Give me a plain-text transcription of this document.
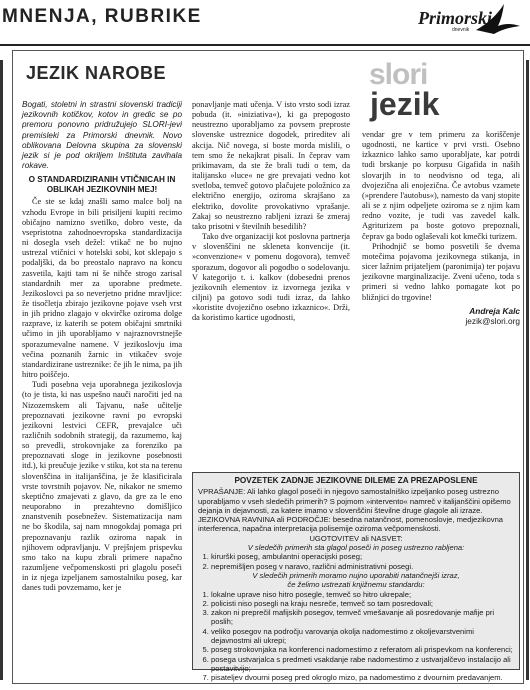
MNENJA, RUBRIKE	Primorski
dnevnik
JEZIK NAROBE	slori
jezik

Bogati, stoletni in strastni slovenski tradiciji jezikovnih kotičkov, kotov in gredic se po premoru ponovno pridružujejo SLORI-jevi premisleki za Primorski dnevnik. Novo oblikovana Delovna skupina za slovenski jezik si je pod okriljem Inštituta zavihala rokave.

O STANDARDIZIRANIH VTIČNICAH IN OBLIKAH JEZIKOVNIH MEJ!

Če ste se kdaj znašli samo malce bolj na vzhodu Evrope in bili prisiljeni kupiti recimo običajno namizno svetilko, dobro veste, da vsepristotna zahodnoevropska standardizacija ni dosegla vseh dežel: vtikač ne bo nujno ustrezal vtičnici v hotelski sobi, kot sklepajo s podaljški, da bo preostalo napravo na koncu zasvetila, kajti tam ni še nihče strogo zarisal standardnih mer za uporabne predmete. Jezikoslovci pa so neverjetno pridne mravljice: že tisočletja zbirajo jezikovne pojave vseh vrst in jih pridno zlagajo v okvirčke oziroma dolge razprave, iz katerih se potem običajni smrtniki učimo in jih uporabljamo v najraznovrstnejše sporazumevalne namene. V jezikoslovju ima večina poznanih žarnic in vtikačev svoje standardizirane ustreznike: če jih le nima, pa jih hitro poiščejo.

Tudi posebna veja uporabnega jezikoslovja (to je tista, ki nas uspešno nauči naročiti jed na Nizozemskem ali Tajvanu, naše učitelje prepoznavati jezikovne ravni po evropski jezikovni lestvici CEFR, prevajalce uči različnih sodobnih strategij, da razumemo, kaj so prevedli, strokovnjake za forenziko pa prepoznavati sloge in jezikovne posebnosti itd.), ki preučuje jezike v stiku, kot sta na terenu slovenščina in italijanščina, je že klasificirala vrste tovrstnih pojavov. Ne, nikakor ne smemo skeptično zmajevati z glavo, da gre za le eno neuporabno in prezahtevno domišljico znanstvenih posebnežev. Sistematizacija nam ne bo škodila, saj nam mnogokdaj pomaga pri prepoznavanju razlik oziroma napak in njihovem odpravljanju. V prejšnjem prispevku smo tako na kupu zbrali primere napačno razumljene večpomenskosti pri glagolu poseči in iz njega izpeljanem samostalniku poseg, kar danes tudi povzemamo, ker je

ponavljanje mati učenja. V isto vrsto sodi izraz pobuda (it. »iniziativa«), ki ga prepogosto neustrezno uporabljamo za povsem preproste slovenske ustreznice dogodek, prireditev ali akcija. Nič novega, si boste morda mislili, o tem smo že nekajkrat pisali. In čeprav vam prikimavam, da ste že brali tudi o tem, da italijansko »luce« ne gre prevajati vedno kot svetloba, temveč gotovo plačujete položnico za električno energijo, oziroma skrajšano za elektriko, dovolite provokativno vprašanje. Zakaj so neustrezno rabljeni izrazi še zmeraj tako prisotni v številnih besedilih?

Tako dve organizaciji kot poslovna partnerja v slovenščini ne skleneta konvencije (it. »convenzione« v pomenu dogovora), temveč sporazum, dogovor ali pogodbo o sodelovanju. V kategorijo t. i. kalkov (dobesedni prenos jezikovnih elementov iz izvornega jezika v ciljni) pa gotovo sodi tudi izraz, da lahko »koristite dvojezično osebno izkaznico«. Drži, da koristimo kartice ugodnosti,

vendar gre v tem primeru za koriščenje ugodnosti, ne kartice v prvi vrsti. Osebno izkaznico lahko samo uporabljate, kar potrdi tudi brskanje po korpusu Gigafida in naših slovarjih in to neodvisno od tega, ali dvojezična ali enojezična. Če avtobus vzamete (»prendere l'autobus«), namesto da vanj stopite ali se z njim odpeljete oziroma se z njim kam redno vozite, je tudi vas zavedel kalk. Agriturizem pa boste gotovo prepoznali, čeprav ga bodo oglaševali kot kmečki turizem.

Prihodnjič se bomo posvetili še dvema motečima pojavoma jezikovnega stikanja, in sicer lažnim prijateljem (paronimija) ter pojavu jezikovne marginalizacije. Zveni učeno, toda s primeri si vedno lahko pomagate kot po bližnjici do trgovine!

Andreja Kalc

jezik@slori.org

POVZETEK ZADNJE JEZIKOVNE DILEME ZA PREZAPOSLENE

VPRAŠANJE: Ali lahko glagol poseči in njegovo samostalniško izpeljanko poseg ustrezno uporabljamo v vseh sledečih primerih? S pojmom »intervento« namreč v italijanščini opišemo dejanja in dejavnosti, za katere imamo v slovenščini številne druge glagole ali izraze.

JEZIKOVNA RAVNINA ali PODROČJE: besedna natančnost, pomenoslovje, medjezikovna interferenca, napačna interpretacija polisemije oziroma večpomenskosti.

UGOTOVITEV ali NASVET:

V sledečih primerih sta glagol poseči in poseg ustrezno rabljena:

1. kirurški poseg, ambulantni operacijski poseg;
2. nepremišljen poseg v naravo, različni administrativni posegi.

V sledečih primerih moramo nujno uporabiti natančnejši izraz,

če želimo ustrezati knjižnemu standardu:

1. lokalne uprave niso hitro posegle, temveč so hitro ukrepale;
2. policisti niso posegli na kraju nesreče, temveč so tam posredovali;
3. zakon ni preprečil mafijskih posegov, temveč vmešavanje ali posredovanje mafije pri poslih;
4. veliko posegov na področju varovanja okolja nadomestimo z okoljevarstvenimi dejavnostmi ali ukrepi;
5. poseg strokovnjaka na konferenci nadomestimo z referatom ali prispevkom na konferenci;
6. posega ustvarjalca s predmeti vsakdanje rabe nadomestimo z ustvarjalčevo instalacijo ali postavitvijo;
7. pisateljev dvourni poseg pred okroglo mizo, pa nadomestimo z dvournim predavanjem.
